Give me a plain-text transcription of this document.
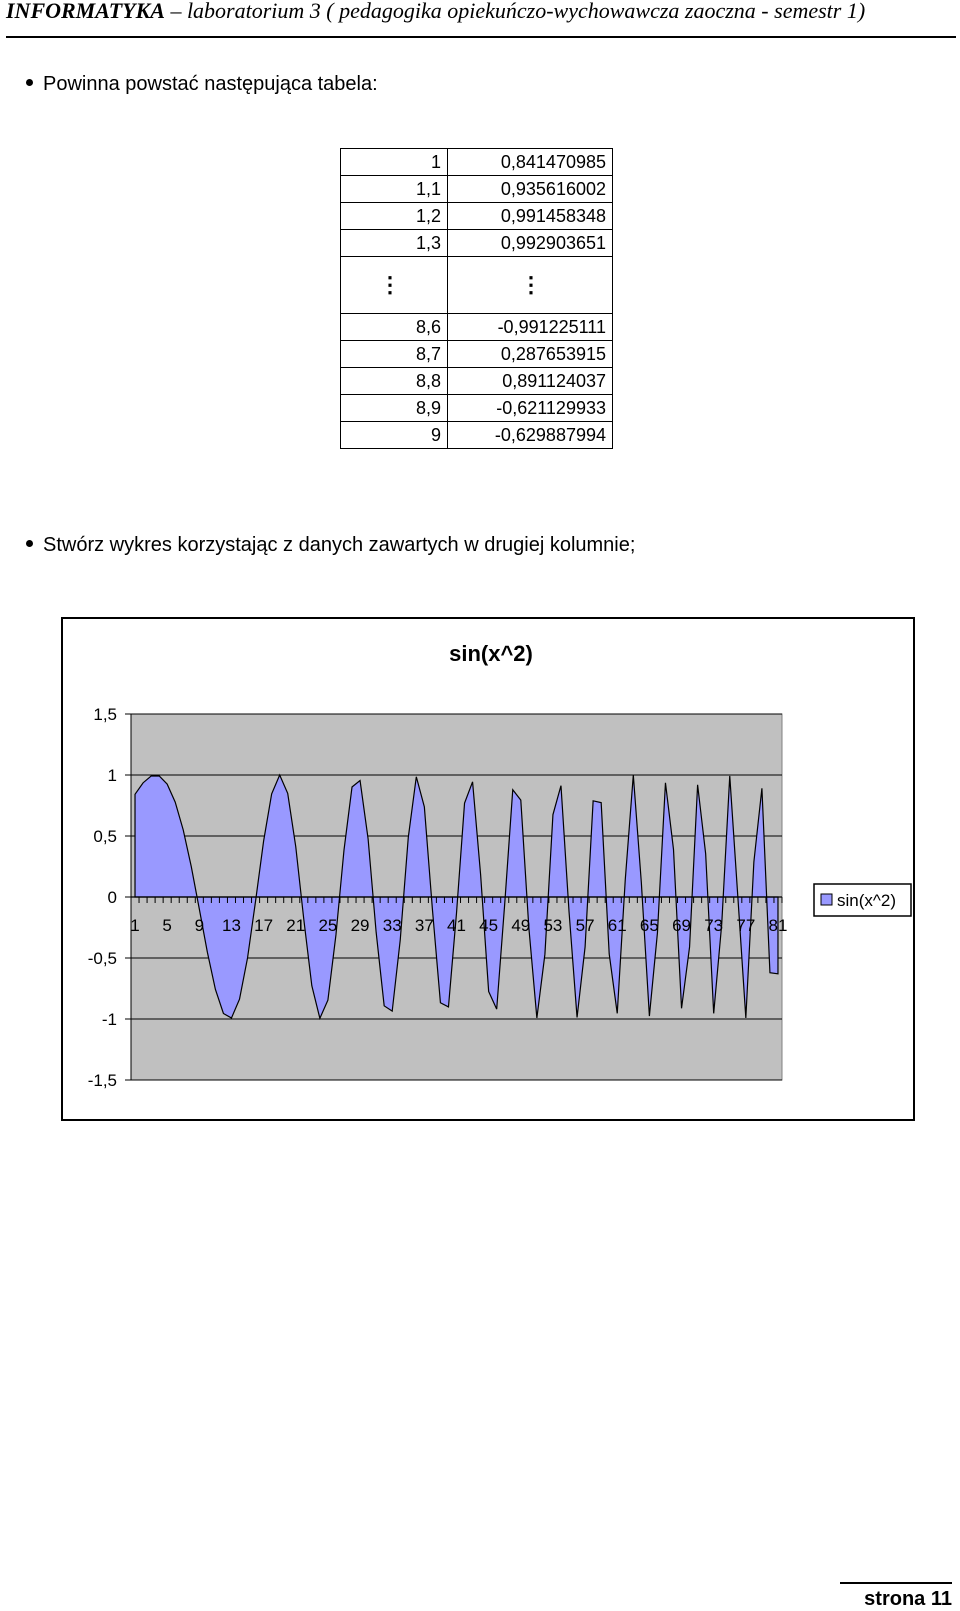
INFORMATYKA – laboratorium 3 ( pedagogika opiekuńczo-wychowawcza zaoczna - semestr 1)
Powinna powstać następująca tabela:
1	0,841470985
1,1	0,935616002
1,2	0,991458348
1,3	0,992903651
⋮	⋮
8,6	-0,991225111
8,7	0,287653915
8,8	0,891124037
8,9	-0,621129933
9	-0,629887994
Stwórz wykres korzystając z danych zawartych w drugiej kolumnie;
sin(x^2)
1,5
1
0,5
0
-0,5
-1
-1,5
1 5 9 13 17 21 25 29 33 37 41 45 49 53 57 61 65 69 73 77 81
sin(x^2)
strona 11
